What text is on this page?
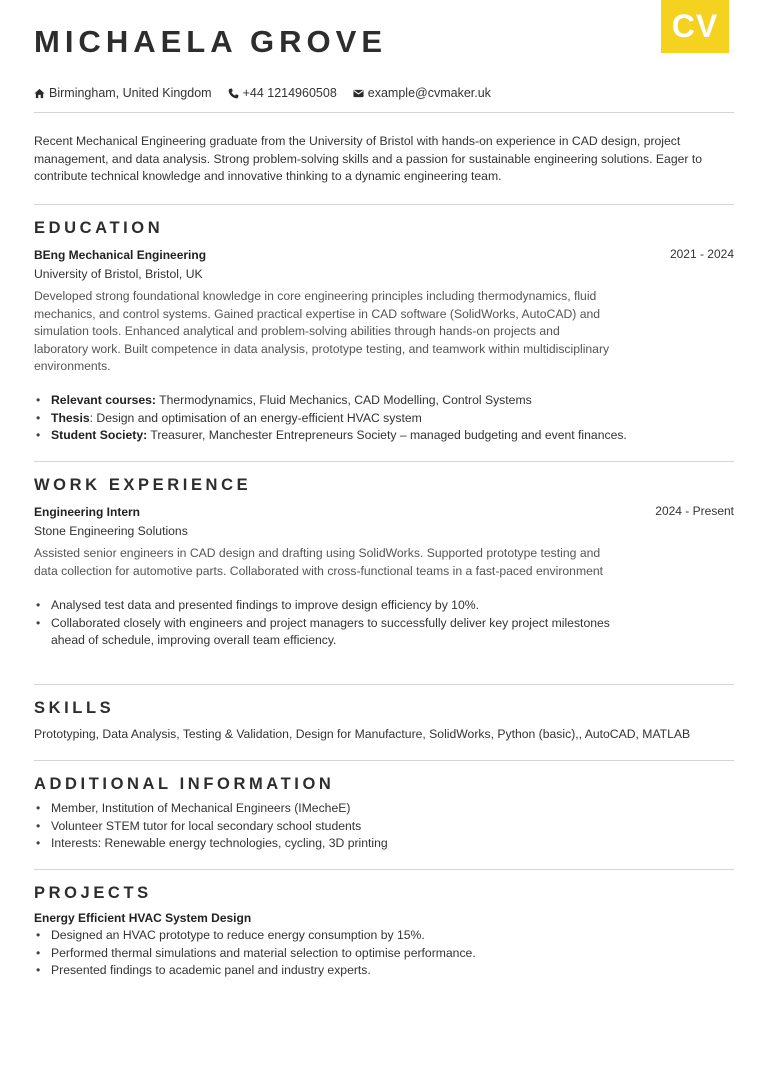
CV
MICHAELA GROVE
Birmingham, United Kingdom +44 1214960508 example@cvmaker.uk

Recent Mechanical Engineering graduate from the University of Bristol with hands-on experience in CAD design, project management, and data analysis. Strong problem-solving skills and a passion for sustainable engineering solutions. Eager to contribute technical knowledge and innovative thinking to a dynamic engineering team.

EDUCATION
BEng Mechanical Engineering	2021 - 2024
University of Bristol, Bristol, UK

Developed strong foundational knowledge in core engineering principles including thermodynamics, fluid mechanics, and control systems. Gained practical expertise in CAD software (SolidWorks, AutoCAD) and simulation tools. Enhanced analytical and problem-solving abilities through hands-on projects and laboratory work. Built competence in data analysis, prototype testing, and teamwork within multidisciplinary environments.

• Relevant courses: Thermodynamics, Fluid Mechanics, CAD Modelling, Control Systems
• Thesis: Design and optimisation of an energy-efficient HVAC system
• Student Society: Treasurer, Manchester Entrepreneurs Society – managed budgeting and event finances.
WORK EXPERIENCE
Engineering Intern	2024 - Present
Stone Engineering Solutions

Assisted senior engineers in CAD design and drafting using SolidWorks. Supported prototype testing and data collection for automotive parts. Collaborated with cross-functional teams in a fast-paced environment

• Analysed test data and presented findings to improve design efficiency by 10%.
• Collaborated closely with engineers and project managers to successfully deliver key project milestones ahead of schedule, improving overall team efficiency.
SKILLS
Prototyping, Data Analysis, Testing & Validation, Design for Manufacture, SolidWorks, Python (basic),, AutoCAD, MATLAB
ADDITIONAL INFORMATION
• Member, Institution of Mechanical Engineers (IMecheE)
• Volunteer STEM tutor for local secondary school students
• Interests: Renewable energy technologies, cycling, 3D printing
PROJECTS
Energy Efficient HVAC System Design
• Designed an HVAC prototype to reduce energy consumption by 15%.
• Performed thermal simulations and material selection to optimise performance.
• Presented findings to academic panel and industry experts.
